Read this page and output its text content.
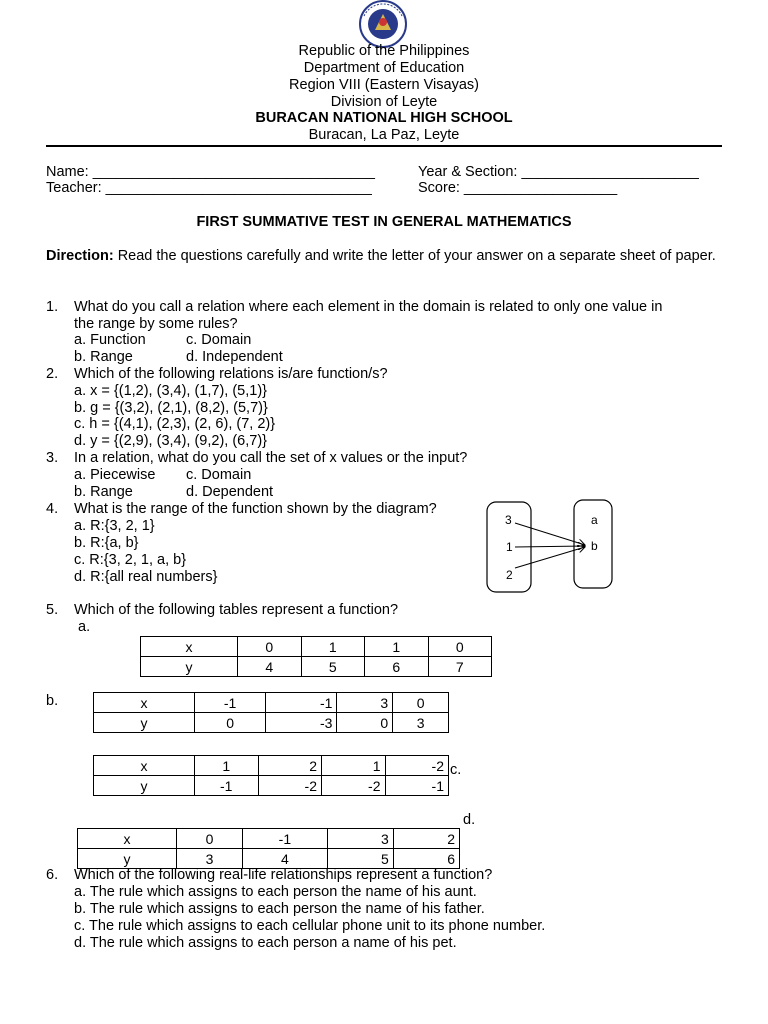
Republic of the Philippines
Department of Education
Region VIII (Eastern Visayas)
Division of Leyte
BURACAN NATIONAL HIGH SCHOOL
Buracan, La Paz, Leyte
Name: ___________________________________
Teacher: _________________________________
Year & Section: ______________________
Score: ___________________
FIRST SUMMATIVE TEST IN GENERAL MATHEMATICS
Direction: Read the questions carefully and write the letter of your answer on a separate sheet of paper.
1. What do you call a relation where each element in the domain is related to only one value in
the range by some rules?
a. Function	c. Domain
b. Range	d. Independent
2. Which of the following relations is/are function/s?
a. x = {(1,2), (3,4), (1,7), (5,1)}
b. g = {(3,2), (2,1), (8,2), (5,7)}
c. h = {(4,1), (2,3), (2, 6), (7, 2)}
d. y = {(2,9), (3,4), (9,2), (6,7)}
3. In a relation, what do you call the set of x values or the input?
a. Piecewise c. Domain
b. Range	d. Dependent
4. What is the range of the function shown by the diagram?
a. R:{3, 2, 1}
b. R:{a, b}
c. R:{3, 2, 1, a, b}
d. R:{all real numbers}
3
1
2
a
b
5. Which of the following tables represent a function?
a.
x	0	1	1	0
y	4	5	6	7
b.	x	-1	-1	3	0
y	0	-3	0	3
x	1	2	1	-2
y	-1	-2	-2	-1
c.
d.
x	0	-1	3	2
y	3	4	5	6
6. Which of the following real-life relationships represent a function?
a. The rule which assigns to each person the name of his aunt.
b. The rule which assigns to each person the name of his father.
c. The rule which assigns to each cellular phone unit to its phone number.
d. The rule which assigns to each person a name of his pet.
